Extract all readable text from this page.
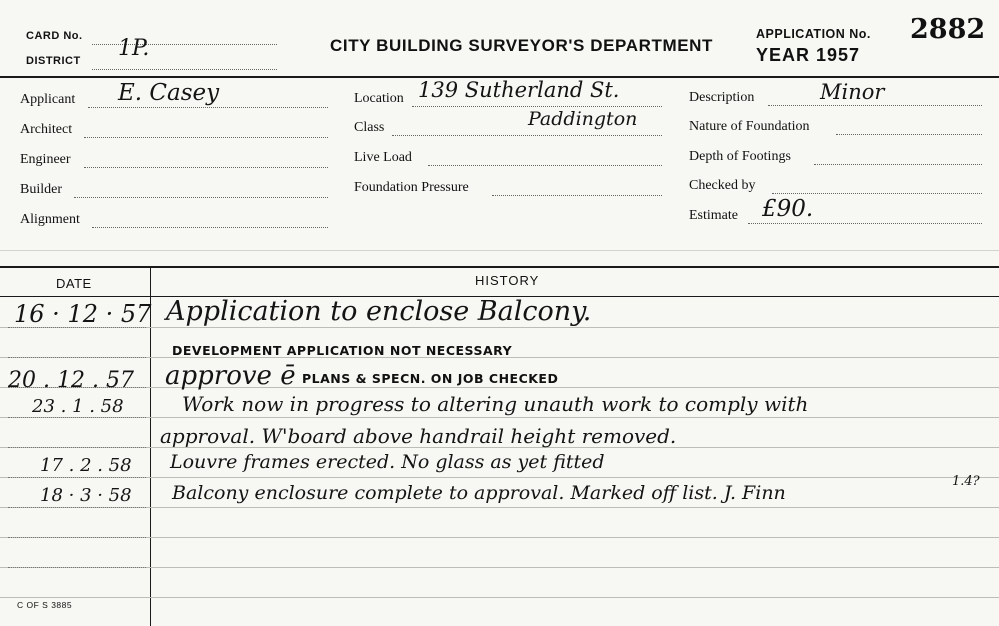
CARD No.
DISTRICT 1P.	CITY BUILDING SURVEYOR'S DEPARTMENT
APPLICATION No. 2882
YEAR 1957
Applicant E. Casey
Architect
Engineer
Builder
Alignment
Location 139 Sutherland St.
Class	Paddington
Live Load
Foundation Pressure
Description	Minor
Nature of Foundation
Depth of Footings
Checked by
Estimate £90.
DATE	HISTORY
16 · 12 · 57 Application to enclose Balcony.
DEVELOPMENT APPLICATION NOT NECESSARY
20 . 12 . 57 approve ē PLANS & SPECN. ON JOB CHECKED
23 . 1 . 58	Work now in progress to altering unauth work to comply with
approval. W'board above handrail height removed.
17 . 2 . 58 Louvre frames erected. No glass as yet fitted
18 · 3 · 58 Balcony enclosure complete to approval. Marked off list. J. Finn
1.4?
C OF S 3885
